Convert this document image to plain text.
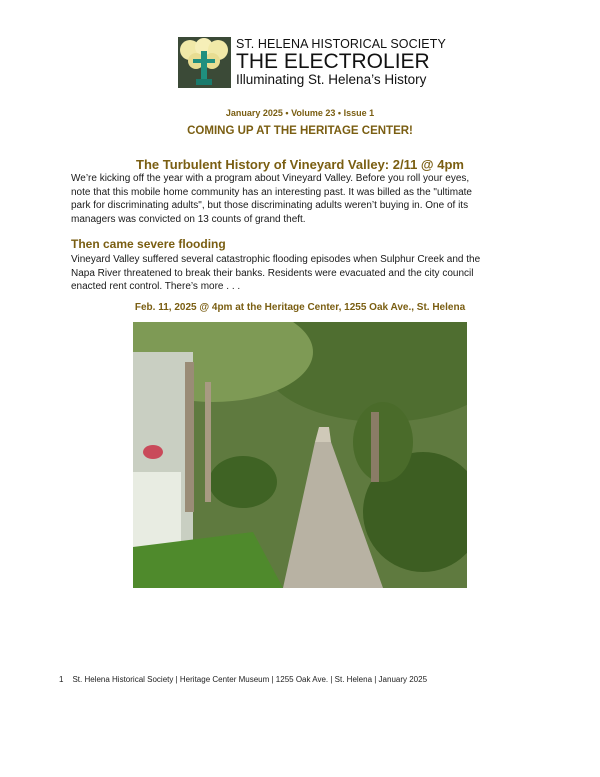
ST. HELENA HISTORICAL SOCIETY
THE ELECTROLIER
Illuminating St. Helena’s History
January 2025 • Volume 23 • Issue 1
COMING UP AT THE HERITAGE CENTER!
The Turbulent History of Vineyard Valley: 2/11 @ 4pm
We’re kicking off the year with a program about Vineyard Valley. Before you roll your eyes,
note that this mobile home community has an interesting past. It was billed as the "ultimate
park for discriminating adults", but those discriminating adults weren’t buying in. One of its
managers was convicted on 13 counts of grand theft.
Then came severe flooding
Vineyard Valley suffered several catastrophic flooding episodes when Sulphur Creek and the
Napa River threatened to break their banks. Residents were evacuated and the city council
enacted rent control. There’s more . . .
Feb. 11, 2025 @ 4pm at the Heritage Center, 1255 Oak Ave., St. Helena
1 St. Helena Historical Society | Heritage Center Museum | 1255 Oak Ave. | St. Helena | January 2025
